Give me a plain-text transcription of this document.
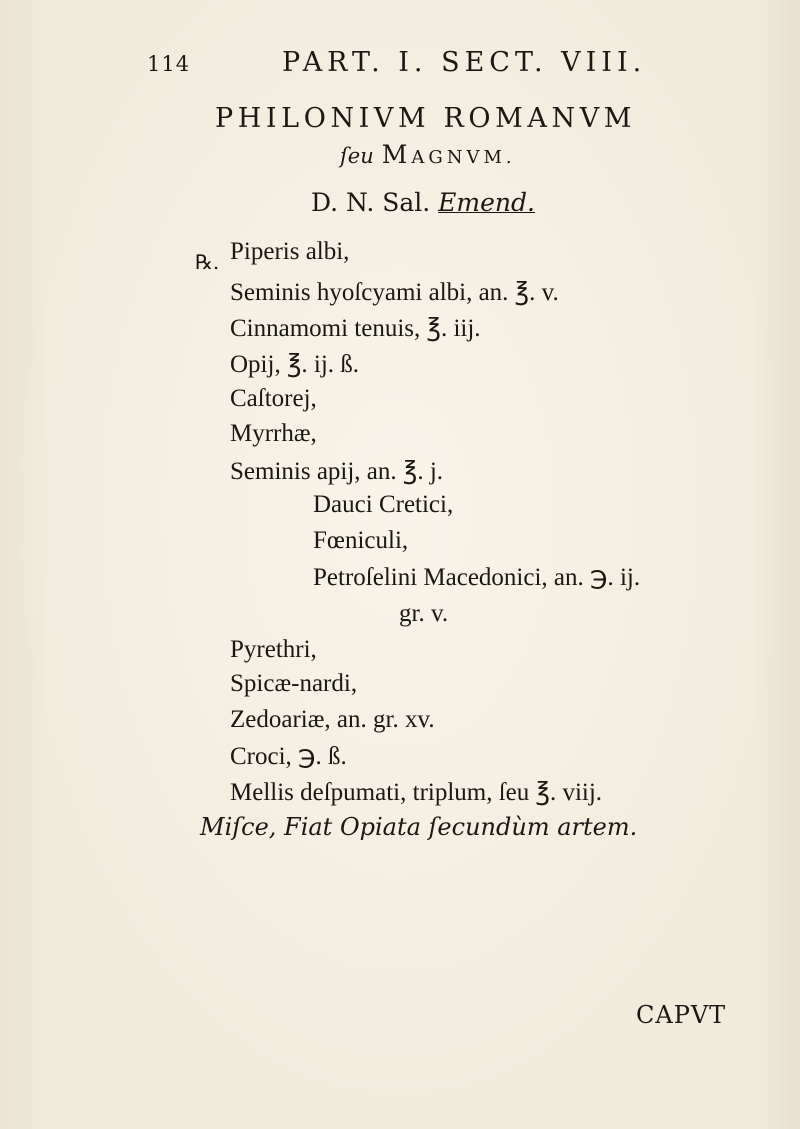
114	PART. I. SECT. VIII.
PHILONIVM ROMANVM
ſeu MAGNVM.
D. N. Sal. Emend.
℞. Piperis albi,
Seminis hyoſcyami albi, an. ℥. v.
Cinnamomi tenuis, ℥. iij.
Opij, ℥. ij. ß.
Caſtorej,
Myrrhæ,
Seminis apij, an. ℥. j.
Dauci Cretici,
Fœniculi,
Petroſelini Macedonici, an. ℈. ij.
gr. v.
Pyrethri,
Spicæ-nardi,
Zedoariæ, an. gr. xv.
Croci, ℈. ß.
Mellis deſpumati, triplum, ſeu ℥. viij.
Miſce, Fiat Opiata ſecundùm artem.
CAPVT
